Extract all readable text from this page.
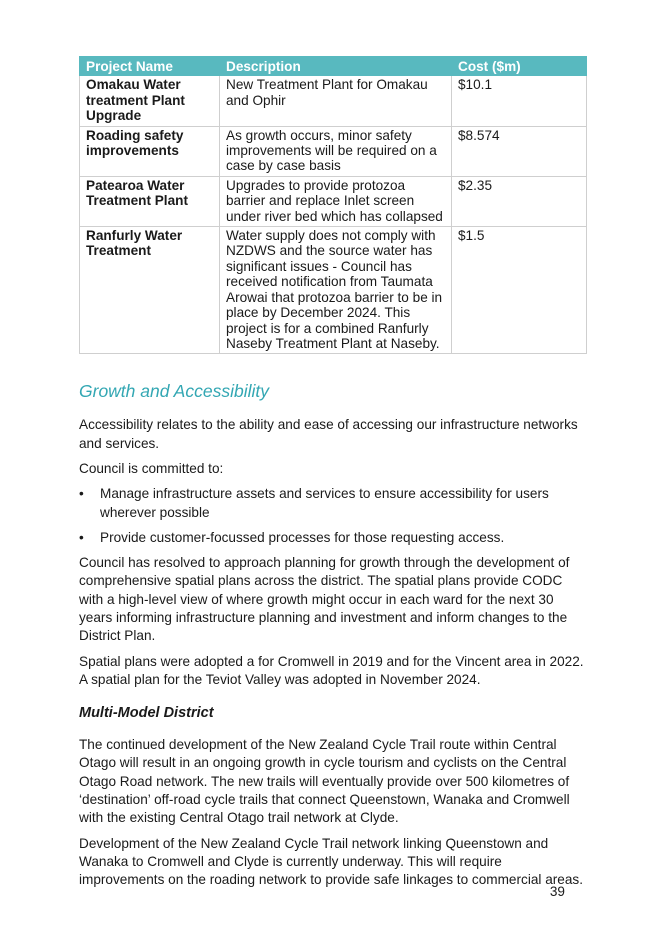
Project Name	Description	Cost ($m)
Omakau Water treatment Plant Upgrade	New Treatment Plant for Omakau and Ophir	$10.1
Roading safety improvements	As growth occurs, minor safety improvements will be required on a case by case basis	$8.574
Patearoa Water Treatment Plant	Upgrades to provide protozoa barrier and replace Inlet screen under river bed which has collapsed	$2.35
Ranfurly Water Treatment	Water supply does not comply with NZDWS and the source water has significant issues - Council has received notification from Taumata Arowai that protozoa barrier to be in place by December 2024. This project is for a combined Ranfurly Naseby Treatment Plant at Naseby.	$1.5
Growth and Accessibility

Accessibility relates to the ability and ease of accessing our infrastructure networks and services.

Council is committed to:

• Manage infrastructure assets and services to ensure accessibility for users wherever possible
• Provide customer-focussed processes for those requesting access.

Council has resolved to approach planning for growth through the development of comprehensive spatial plans across the district. The spatial plans provide CODC with a high-level view of where growth might occur in each ward for the next 30 years informing infrastructure planning and investment and inform changes to the District Plan.

Spatial plans were adopted a for Cromwell in 2019 and for the Vincent area in 2022. A spatial plan for the Teviot Valley was adopted in November 2024.

Multi-Model District

The continued development of the New Zealand Cycle Trail route within Central Otago will result in an ongoing growth in cycle tourism and cyclists on the Central Otago Road network. The new trails will eventually provide over 500 kilometres of ‘destination’ off-road cycle trails that connect Queenstown, Wanaka and Cromwell with the existing Central Otago trail network at Clyde.

Development of the New Zealand Cycle Trail network linking Queenstown and Wanaka to Cromwell and Clyde is currently underway. This will require improvements on the roading network to provide safe linkages to commercial areas.

39
